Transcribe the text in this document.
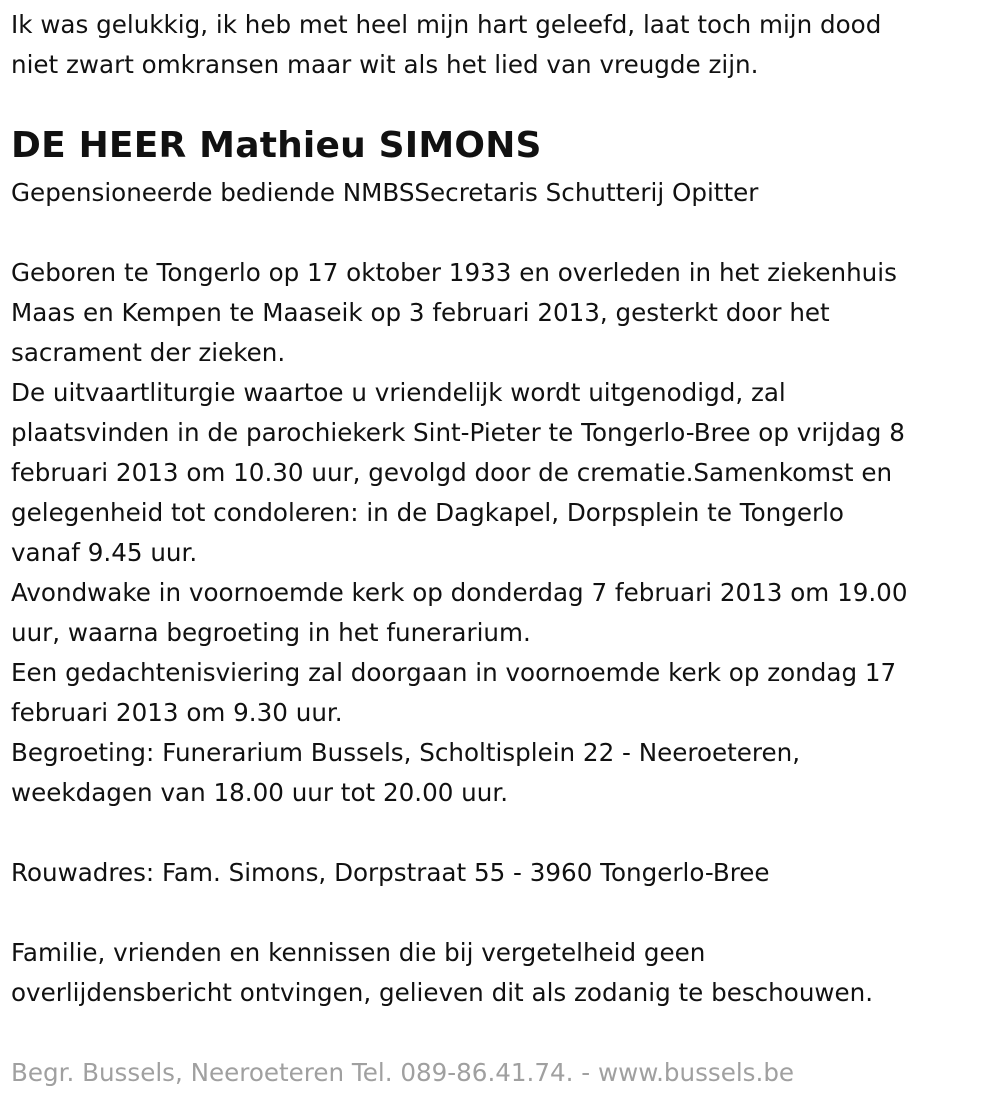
Ik was gelukkig, ik heb met heel mijn hart geleefd, laat toch mijn dood

niet zwart omkransen maar wit als het lied van vreugde zijn.

DE HEER Mathieu SIMONS

Gepensioneerde bediende NMBSSecretaris Schutterij Opitter

Geboren te Tongerlo op 17 oktober 1933 en overleden in het ziekenhuis

Maas en Kempen te Maaseik op 3 februari 2013, gesterkt door het

sacrament der zieken.

De uitvaartliturgie waartoe u vriendelijk wordt uitgenodigd, zal

plaatsvinden in de parochiekerk Sint-Pieter te Tongerlo-Bree op vrijdag 8

februari 2013 om 10.30 uur, gevolgd door de crematie.Samenkomst en

gelegenheid tot condoleren: in de Dagkapel, Dorpsplein te Tongerlo

vanaf 9.45 uur.

Avondwake in voornoemde kerk op donderdag 7 februari 2013 om 19.00

uur, waarna begroeting in het funerarium.

Een gedachtenisviering zal doorgaan in voornoemde kerk op zondag 17

februari 2013 om 9.30 uur.

Begroeting: Funerarium Bussels, Scholtisplein 22 - Neeroeteren,

weekdagen van 18.00 uur tot 20.00 uur.

Rouwadres: Fam. Simons, Dorpstraat 55 - 3960 Tongerlo-Bree

Familie, vrienden en kennissen die bij vergetelheid geen

overlijdensbericht ontvingen, gelieven dit als zodanig te beschouwen.

Begr. Bussels, Neeroeteren Tel. 089-86.41.74. - www.bussels.be
